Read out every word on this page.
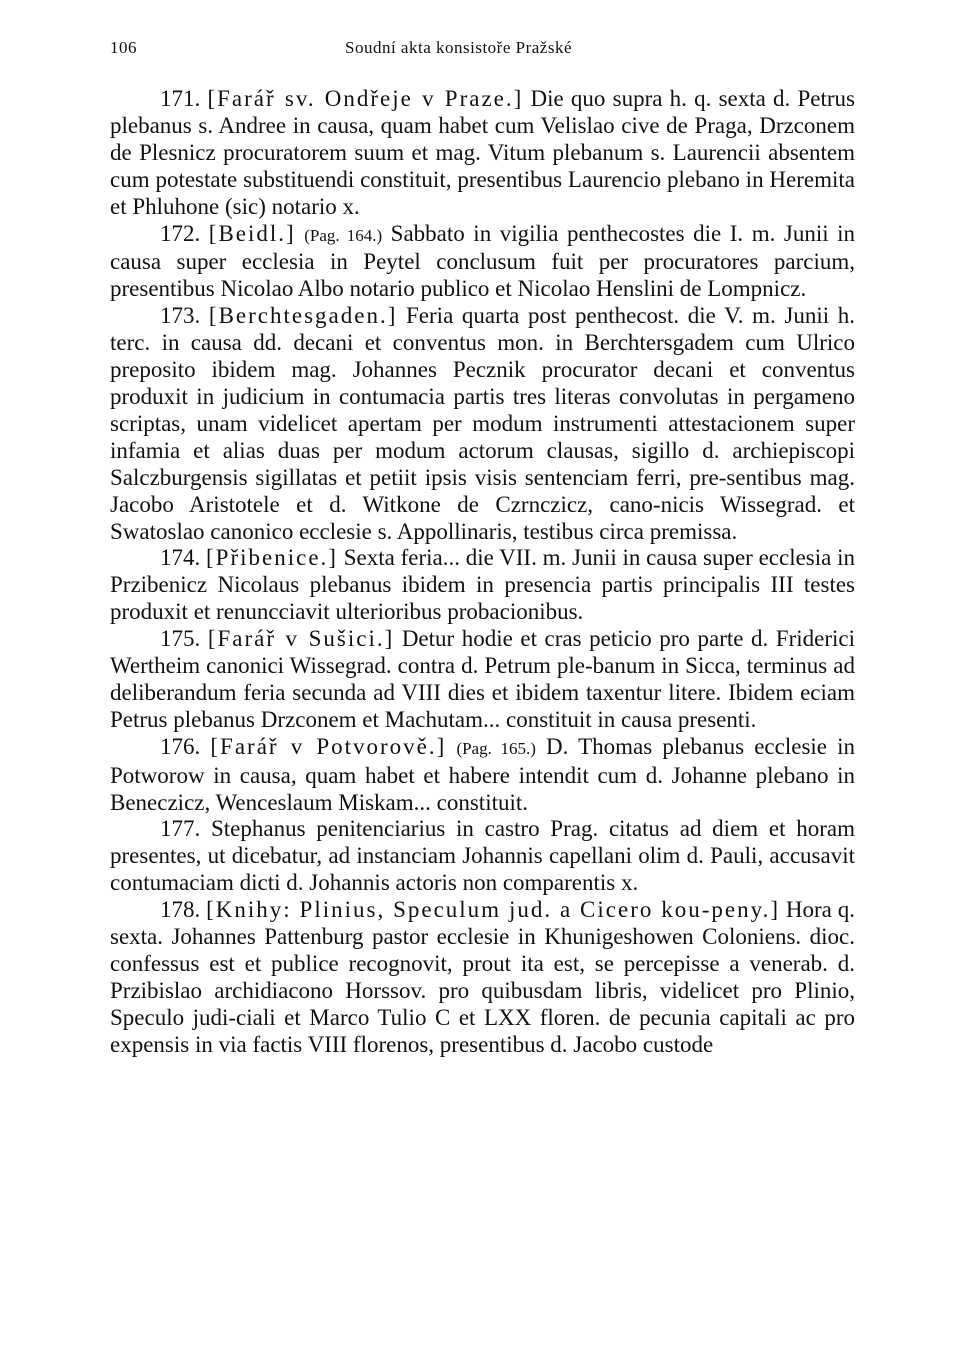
106	Soudní akta konsistoře Pražské

171. [Farář sv. Ondřeje v Praze.] Die quo supra h. q. sexta d. Petrus plebanus s. Andree in causa, quam habet cum Velislao cive de Praga, Drzconem de Plesnicz procuratorem suum et mag. Vitum plebanum s. Laurencii absentem cum potestate substituendi constituit, presentibus Laurencio plebano in Heremita et Phluhone (sic) notario x.

172. [Beidl.] (Pag. 164.) Sabbato in vigilia penthecostes die I. m. Junii in causa super ecclesia in Peytel conclusum fuit per procuratores parcium, presentibus Nicolao Albo notario publico et Nicolao Henslini de Lompnicz.

173. [Berchtesgaden.] Feria quarta post penthecost. die V. m. Junii h. terc. in causa dd. decani et conventus mon. in Berchtersgadem cum Ulrico preposito ibidem mag. Johannes Pecznik procurator decani et conventus produxit in judicium in contumacia partis tres literas convolutas in pergameno scriptas, unam videlicet apertam per modum instrumenti attestacionem super infamia et alias duas per modum actorum clausas, sigillo d. archiepiscopi Salczburgensis sigillatas et petiit ipsis visis sentenciam ferri, pre-sentibus mag. Jacobo Aristotele et d. Witkone de Czrnczicz, cano-nicis Wissegrad. et Swatoslao canonico ecclesie s. Appollinaris, testibus circa premissa.

174. [Přibenice.] Sexta feria... die VII. m. Junii in causa super ecclesia in Przibenicz Nicolaus plebanus ibidem in presencia partis principalis III testes produxit et renuncciavit ulterioribus probacionibus.

175. [Farář v Sušici.] Detur hodie et cras peticio pro parte d. Friderici Wertheim canonici Wissegrad. contra d. Petrum ple-banum in Sicca, terminus ad deliberandum feria secunda ad VIII dies et ibidem taxentur litere. Ibidem eciam Petrus plebanus Drzconem et Machutam... constituit in causa presenti.

176. [Farář v Potvorově.] (Pag. 165.) D. Thomas plebanus ecclesie in Potworow in causa, quam habet et habere intendit cum d. Johanne plebano in Beneczicz, Wenceslaum Miskam... constituit.

177. Stephanus penitenciarius in castro Prag. citatus ad diem et horam presentes, ut dicebatur, ad instanciam Johannis capellani olim d. Pauli, accusavit contumaciam dicti d. Johannis actoris non comparentis x.

178. [Knihy: Plinius, Speculum jud. a Cicero kou-peny.] Hora q. sexta. Johannes Pattenburg pastor ecclesie in Khunigeshowen Coloniens. dioc. confessus est et publice recognovit, prout ita est, se percepisse a venerab. d. Przibislao archidiacono Horssov. pro quibusdam libris, videlicet pro Plinio, Speculo judi-ciali et Marco Tulio C et LXX floren. de pecunia capitali ac pro expensis in via factis VIII florenos, presentibus d. Jacobo custode
